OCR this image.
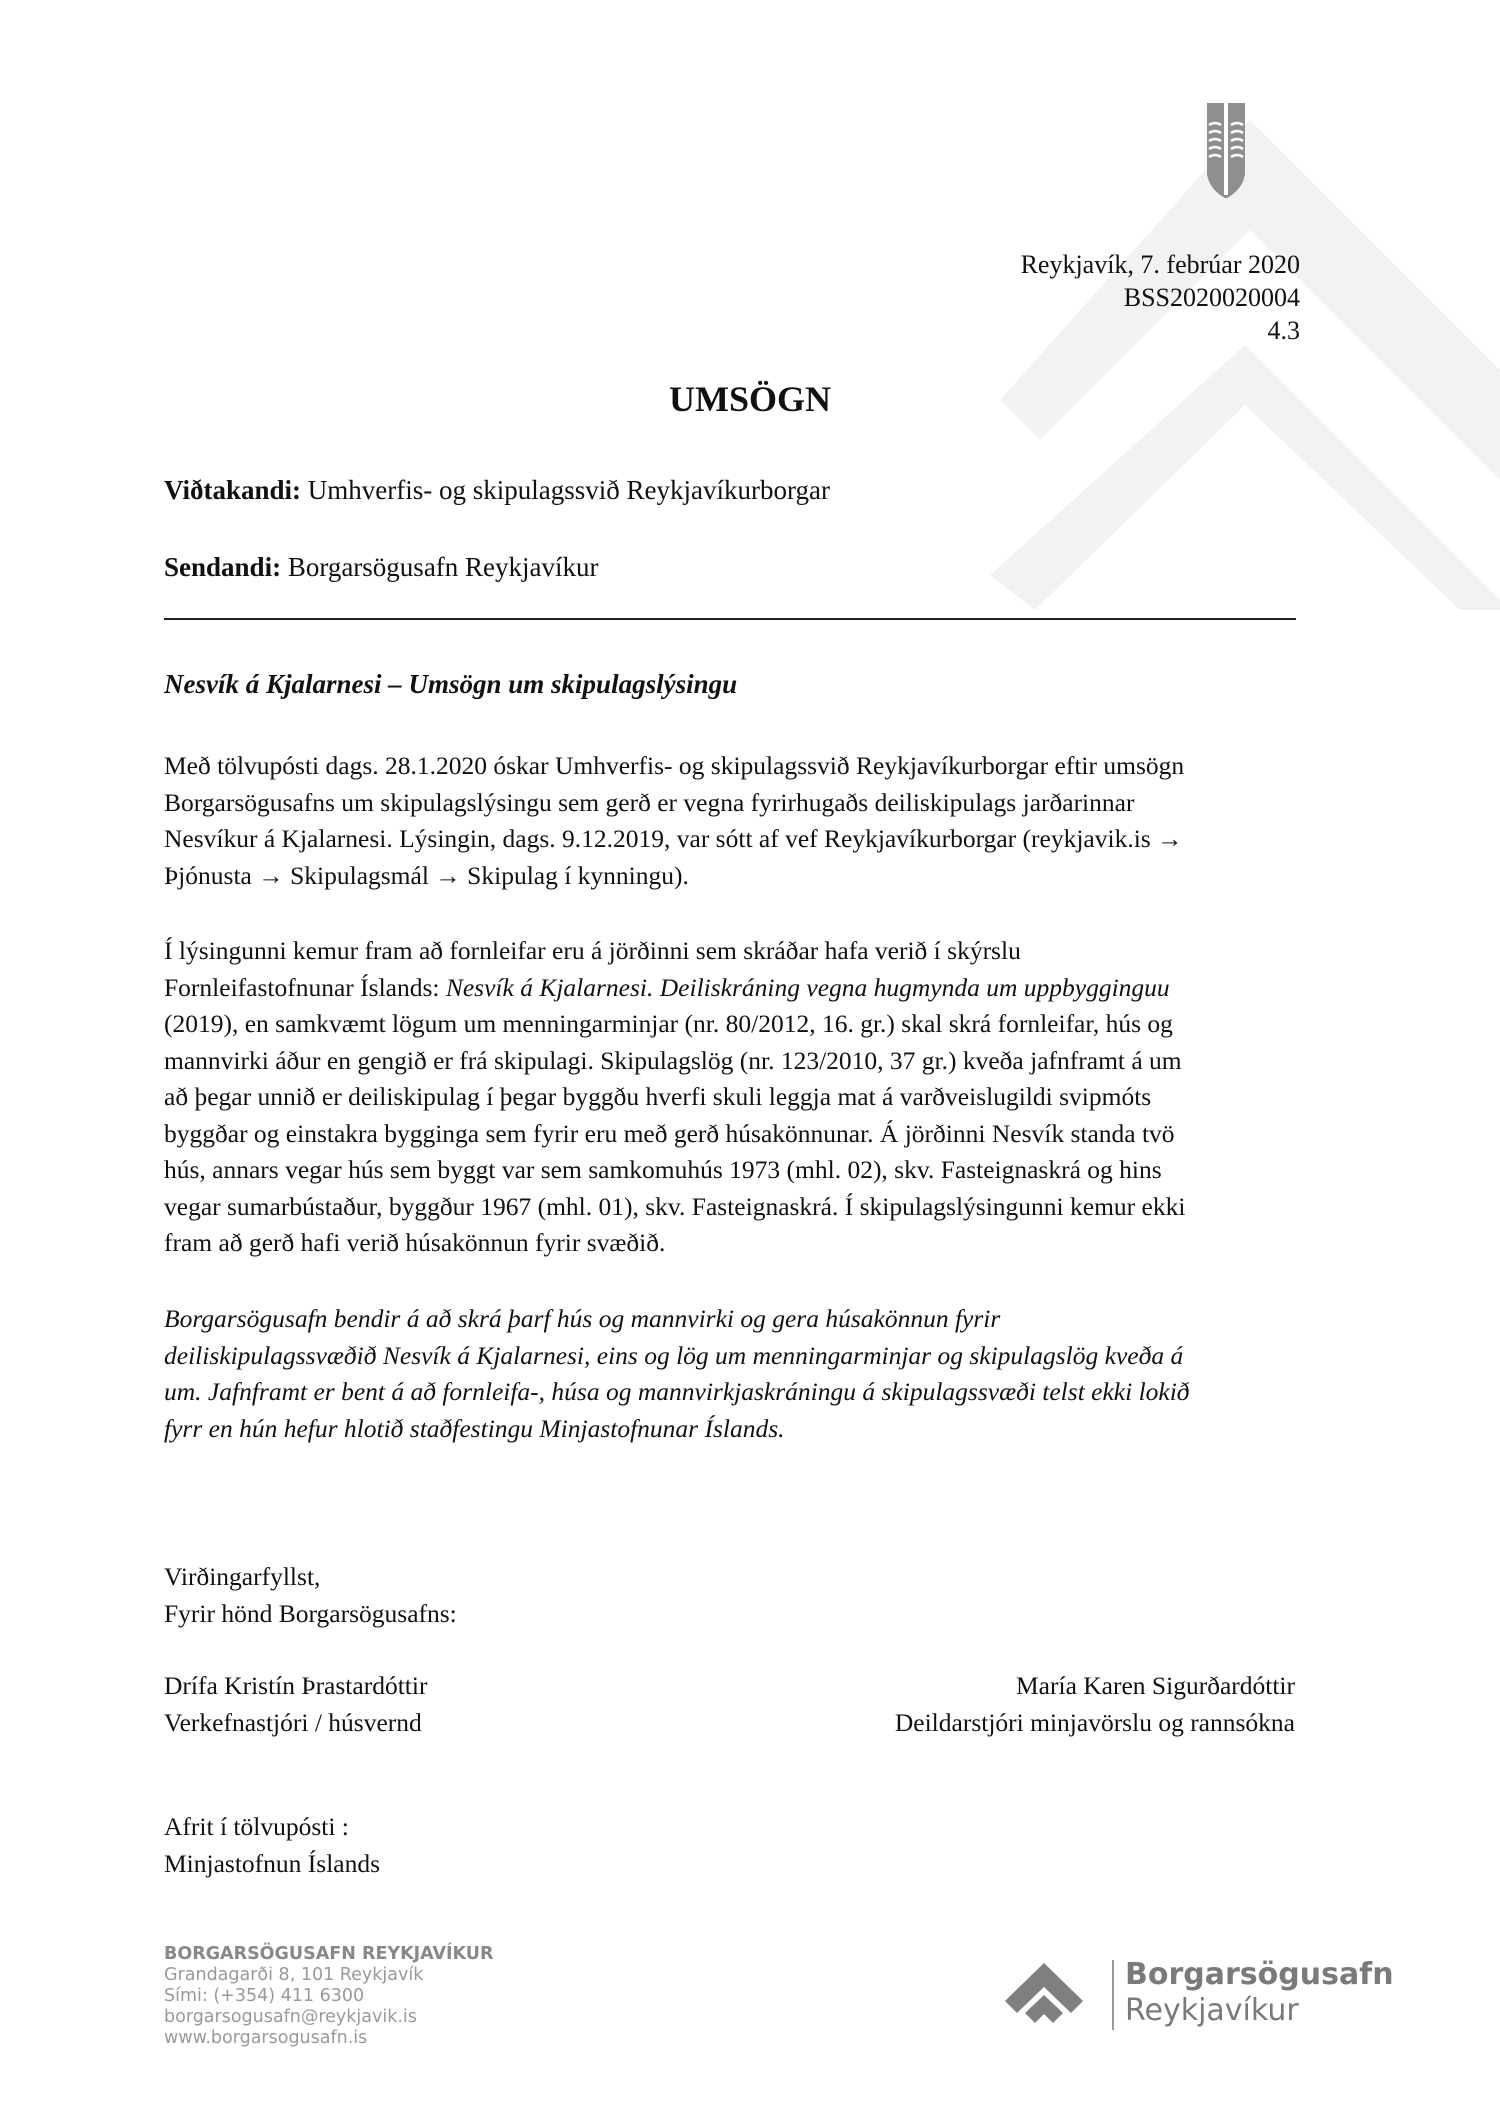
Reykjavík, 7. febrúar 2020
BSS2020020004
4.3
UMSÖGN
Viðtakandi: Umhverfis- og skipulagssvið Reykjavíkurborgar
Sendandi: Borgarsögusafn Reykjavíkur
Nesvík á Kjalarnesi – Umsögn um skipulagslýsingu

Með tölvupósti dags. 28.1.2020 óskar Umhverfis- og skipulagssvið Reykjavíkurborgar eftir umsögn

Borgarsögusafns um skipulagslýsingu sem gerð er vegna fyrirhugaðs deiliskipulags jarðarinnar

Nesvíkur á Kjalarnesi. Lýsingin, dags. 9.12.2019, var sótt af vef Reykjavíkurborgar (reykjavik.is →

Þjónusta → Skipulagsmál → Skipulag í kynningu).

Í lýsingunni kemur fram að fornleifar eru á jörðinni sem skráðar hafa verið í skýrslu

Fornleifastofnunar Íslands: Nesvík á Kjalarnesi. Deiliskráning vegna hugmynda um uppbygginguu

(2019), en samkvæmt lögum um menningarminjar (nr. 80/2012, 16. gr.) skal skrá fornleifar, hús og

mannvirki áður en gengið er frá skipulagi. Skipulagslög (nr. 123/2010, 37 gr.) kveða jafnframt á um

að þegar unnið er deiliskipulag í þegar byggðu hverfi skuli leggja mat á varðveislugildi svipmóts

byggðar og einstakra bygginga sem fyrir eru með gerð húsakönnunar. Á jörðinni Nesvík standa tvö

hús, annars vegar hús sem byggt var sem samkomuhús 1973 (mhl. 02), skv. Fasteignaskrá og hins

vegar sumarbústaður, byggður 1967 (mhl. 01), skv. Fasteignaskrá. Í skipulagslýsingunni kemur ekki

fram að gerð hafi verið húsakönnun fyrir svæðið.

Borgarsögusafn bendir á að skrá þarf hús og mannvirki og gera húsakönnun fyrir

deiliskipulagssvæðið Nesvík á Kjalarnesi, eins og lög um menningarminjar og skipulagslög kveða á

um. Jafnframt er bent á að fornleifa-, húsa og mannvirkjaskráningu á skipulagssvæði telst ekki lokið

fyrr en hún hefur hlotið staðfestingu Minjastofnunar Íslands.

Virðingarfyllst,
Fyrir hönd Borgarsögusafns:
Drífa Kristín Þrastardóttir
Verkefnastjóri / húsvernd
María Karen Sigurðardóttir
Deildarstjóri minjavörslu og rannsókna
Afrit í tölvupósti :
Minjastofnun Íslands
BORGARSÖGUSAFN REYKJAVÍKUR
Grandagarði 8, 101 Reykjavík
Sími: (+354) 411 6300
borgarsogusafn@reykjavik.is
www.borgarsogusafn.is
Borgarsögusafn
Reykjavíkur
